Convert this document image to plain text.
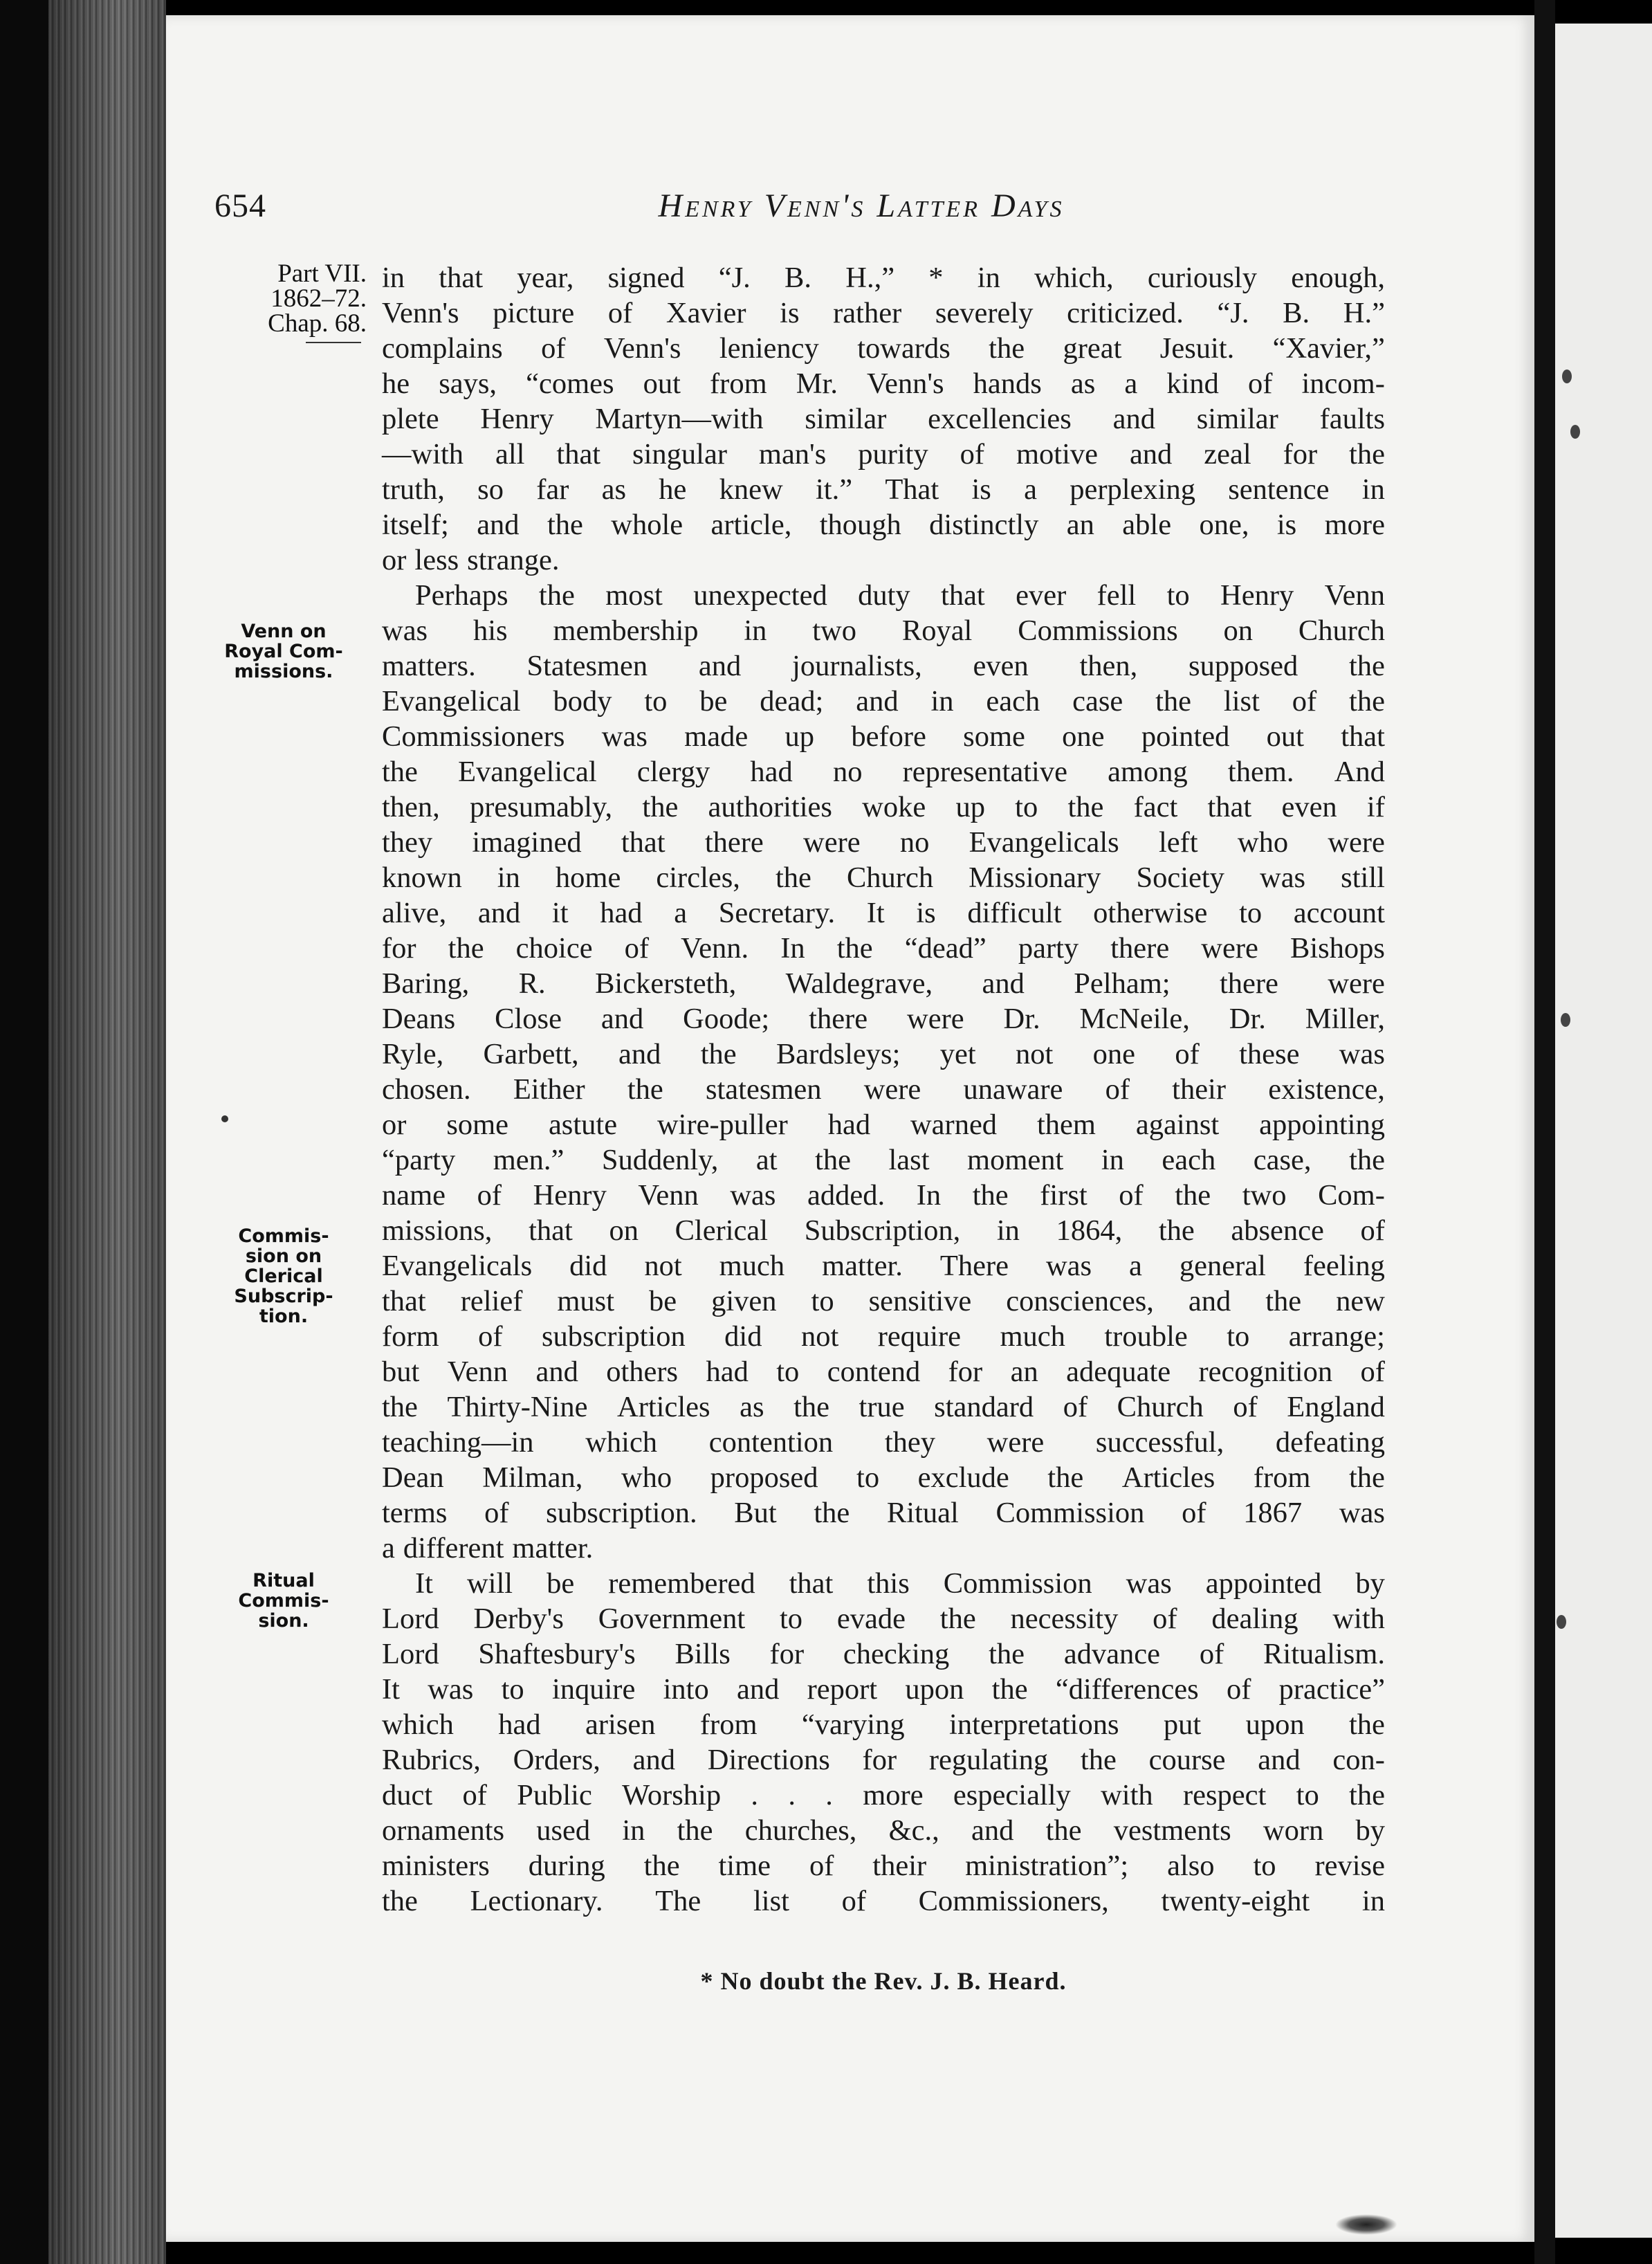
654	Henry Venn's Latter Days
Part VII.
1862–72.
Chap. 68.
Venn on
Royal Com-
missions.
Commis-
sion on
Clerical
Subscrip-
tion.
Ritual
Commis-
sion.
in that year, signed “J. B. H.,” * in which, curiously enough,
Venn's picture of Xavier is rather severely criticized. “J. B. H.”
complains of Venn's leniency towards the great Jesuit. “Xavier,”
he says, “comes out from Mr. Venn's hands as a kind of incom-
plete Henry Martyn—with similar excellencies and similar faults
—with all that singular man's purity of motive and zeal for the
truth, so far as he knew it.” That is a perplexing sentence in
itself; and the whole article, though distinctly an able one, is more
or less strange.
Perhaps the most unexpected duty that ever fell to Henry Venn
was his membership in two Royal Commissions on Church
matters. Statesmen and journalists, even then, supposed the
Evangelical body to be dead; and in each case the list of the
Commissioners was made up before some one pointed out that
the Evangelical clergy had no representative among them. And
then, presumably, the authorities woke up to the fact that even if
they imagined that there were no Evangelicals left who were
known in home circles, the Church Missionary Society was still
alive, and it had a Secretary. It is difficult otherwise to account
for the choice of Venn. In the “dead” party there were Bishops
Baring, R. Bickersteth, Waldegrave, and Pelham; there were
Deans Close and Goode; there were Dr. McNeile, Dr. Miller,
Ryle, Garbett, and the Bardsleys; yet not one of these was
chosen. Either the statesmen were unaware of their existence,
or some astute wire-puller had warned them against appointing
“party men.” Suddenly, at the last moment in each case, the
name of Henry Venn was added. In the first of the two Com-
missions, that on Clerical Subscription, in 1864, the absence of
Evangelicals did not much matter. There was a general feeling
that relief must be given to sensitive consciences, and the new
form of subscription did not require much trouble to arrange;
but Venn and others had to contend for an adequate recognition of
the Thirty-Nine Articles as the true standard of Church of England
teaching—in which contention they were successful, defeating
Dean Milman, who proposed to exclude the Articles from the
terms of subscription. But the Ritual Commission of 1867 was
a different matter.
It will be remembered that this Commission was appointed by
Lord Derby's Government to evade the necessity of dealing with
Lord Shaftesbury's Bills for checking the advance of Ritualism.
It was to inquire into and report upon the “differences of practice”
which had arisen from “varying interpretations put upon the
Rubrics, Orders, and Directions for regulating the course and con-
duct of Public Worship . . . more especially with respect to the
ornaments used in the churches, &c., and the vestments worn by
ministers during the time of their ministration”; also to revise
the Lectionary. The list of Commissioners, twenty-eight in
* No doubt the Rev. J. B. Heard.
